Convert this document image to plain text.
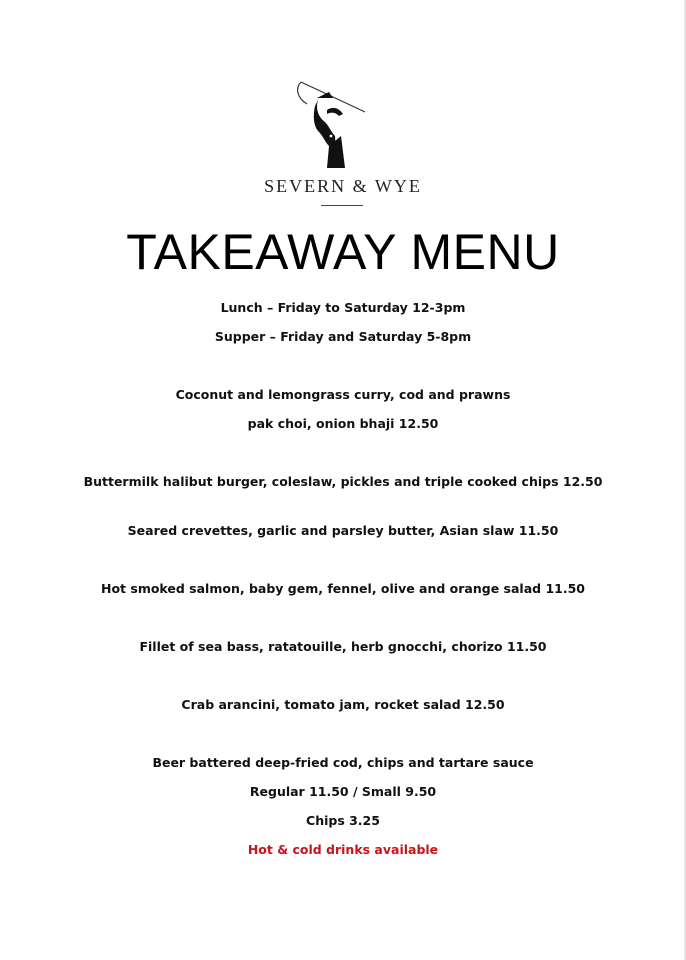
SEVERN & WYE
TAKEAWAY MENU
Lunch – Friday to Saturday 12-3pm
Supper – Friday and Saturday 5-8pm
Coconut and lemongrass curry, cod and prawns
pak choi, onion bhaji 12.50
Buttermilk halibut burger, coleslaw, pickles and triple cooked chips 12.50
Seared crevettes, garlic and parsley butter, Asian slaw 11.50
Hot smoked salmon, baby gem, fennel, olive and orange salad 11.50
Fillet of sea bass, ratatouille, herb gnocchi, chorizo 11.50
Crab arancini, tomato jam, rocket salad 12.50
Beer battered deep-fried cod, chips and tartare sauce
Regular 11.50 / Small 9.50
Chips 3.25
Hot & cold drinks available
